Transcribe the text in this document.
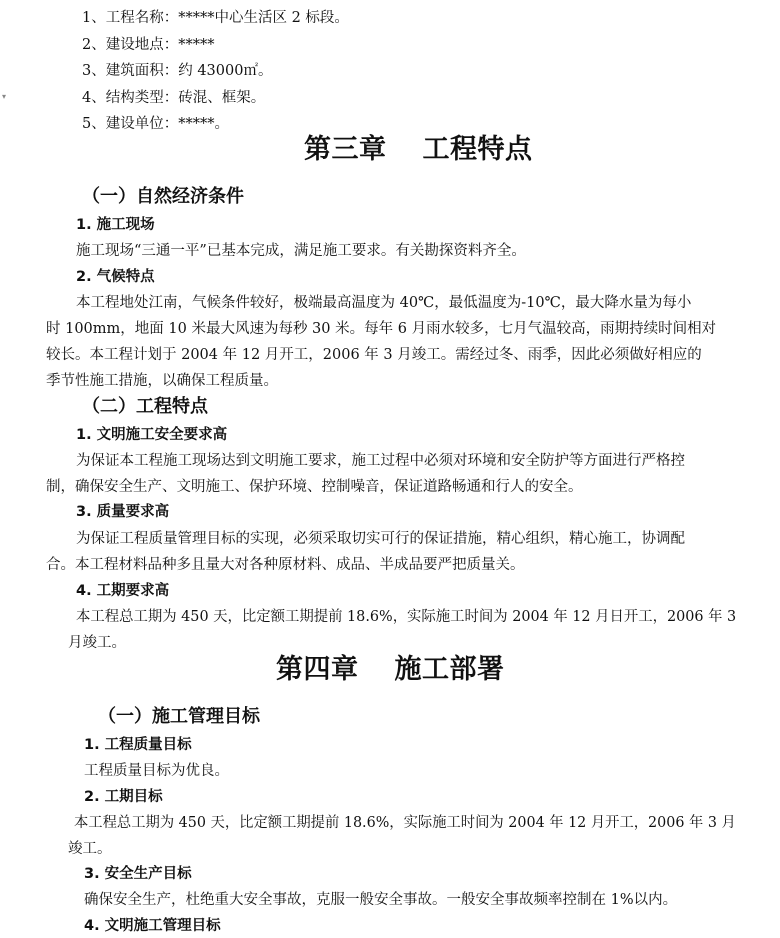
1、工程名称：*****中心生活区 2 标段。
2、建设地点：*****
3、建筑面积：约 43000㎡。
4、结构类型：砖混、框架。
5、建设单位：*****。
▾
第三章 工程特点
（一）自然经济条件
1. 施工现场
施工现场“三通一平”已基本完成，满足施工要求。有关勘探资料齐全。
2. 气候特点
本工程地处江南，气候条件较好，极端最高温度为 40℃，最低温度为-10℃，最大降水量为每小
时 100mm，地面 10 米最大风速为每秒 30 米。每年 6 月雨水较多，七月气温较高，雨期持续时间相对
较长。本工程计划于 2004 年 12 月开工，2006 年 3 月竣工。需经过冬、雨季，因此必须做好相应的
季节性施工措施，以确保工程质量。
（二）工程特点
1. 文明施工安全要求高
为保证本工程施工现场达到文明施工要求，施工过程中必须对环境和安全防护等方面进行严格控
制，确保安全生产、文明施工、保护环境、控制噪音，保证道路畅通和行人的安全。
3. 质量要求高
为保证工程质量管理目标的实现，必须采取切实可行的保证措施，精心组织，精心施工，协调配
合。本工程材料品种多且量大对各种原材料、成品、半成品要严把质量关。
4. 工期要求高
本工程总工期为 450 天，比定额工期提前 18.6%，实际施工时间为 2004 年 12 月日开工，2006 年 3
月竣工。
第四章 施工部署
（一）施工管理目标
1. 工程质量目标
工程质量目标为优良。
2. 工期目标
本工程总工期为 450 天，比定额工期提前 18.6%，实际施工时间为 2004 年 12 月开工，2006 年 3 月
竣工。
3. 安全生产目标
确保安全生产，杜绝重大安全事故，克服一般安全事故。一般安全事故频率控制在 1%以内。
4. 文明施工管理目标
